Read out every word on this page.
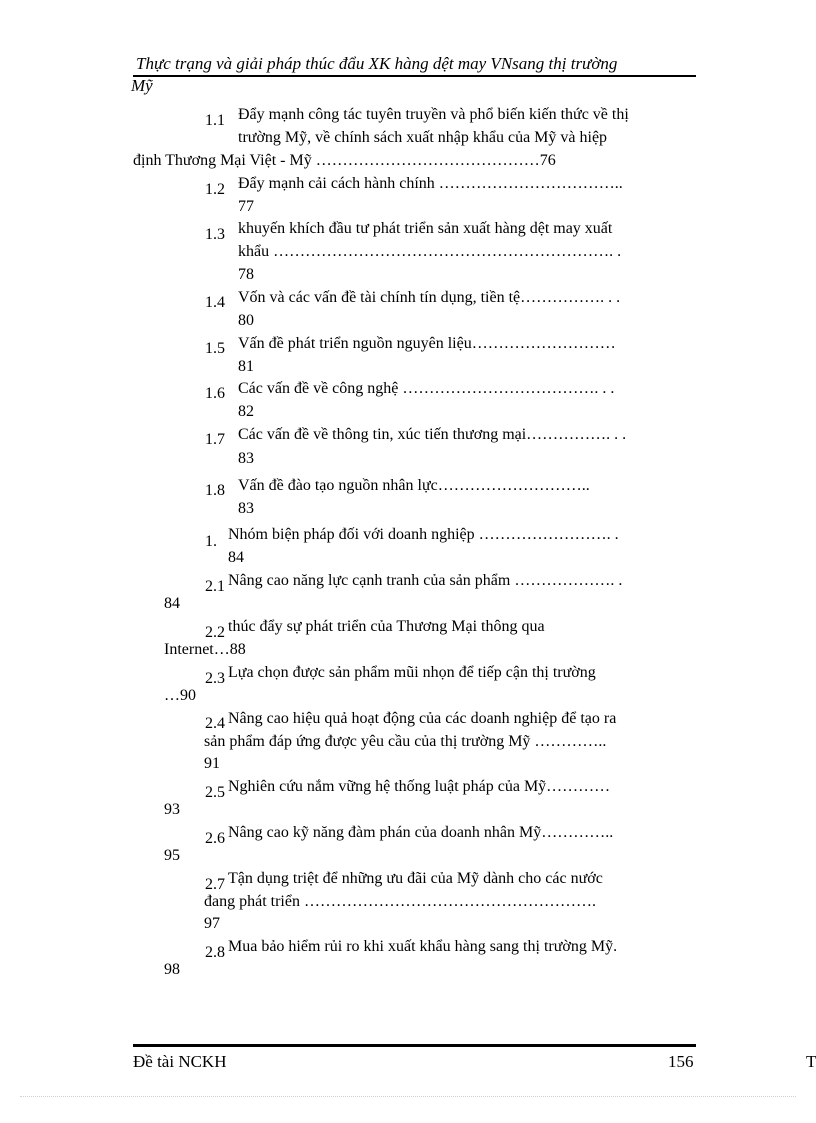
Thực trạng và giải pháp thúc đẩu XK hàng dệt may VNsang thị trường
Mỹ
1.1 Đẩy mạnh công tác tuyên truyền và phổ biến kiến thức về thị
trường Mỹ, về chính sách xuất nhập khẩu của Mỹ và hiệp
định Thương Mại Việt - Mỹ ……………………………………76
1.2 Đẩy mạnh cải cách hành chính ……………………………..
77
1.3 khuyến khích đầu tư phát triển sản xuất hàng dệt may xuất
khẩu ………………………………………………………. .
78
1.4 Vốn và các vấn đề tài chính tín dụng, tiền tệ……………. . .
80
1.5 Vấn đề phát triển nguồn nguyên liệu………………………
81
1.6 Các vấn đề về công nghệ ………………………………. . .
82
1.7 Các vấn đề về thông tin, xúc tiến thương mại……………. . .
83
1.8 Vấn đề đào tạo nguồn nhân lực………………………..
83
1. Nhóm biện pháp đối với doanh nghiệp ……………………. .
84
2.1 Nâng cao năng lực cạnh tranh của sản phẩm ………………. .
84
2.2 thúc đẩy sự phát triển của Thương Mại thông qua
Internet…88
2.3 Lựa chọn được sản phẩm mũi nhọn để tiếp cận thị trường
…90
2.4 Nâng cao hiệu quả hoạt động của các doanh nghiệp để tạo ra
sản phẩm đáp ứng được yêu cầu của thị trường Mỹ …………..
91
2.5 Nghiên cứu nắm vững hệ thống luật pháp của Mỹ…………
93
2.6 Nâng cao kỹ năng đàm phán của doanh nhân Mỹ…………..
95
2.7 Tận dụng triệt để những ưu đãi của Mỹ dành cho các nước
đang phát triển ……………………………………………….
97
2.8 Mua bảo hiểm rủi ro khi xuất khẩu hàng sang thị trường Mỹ.
98
Đề tài NCKH	156	T
